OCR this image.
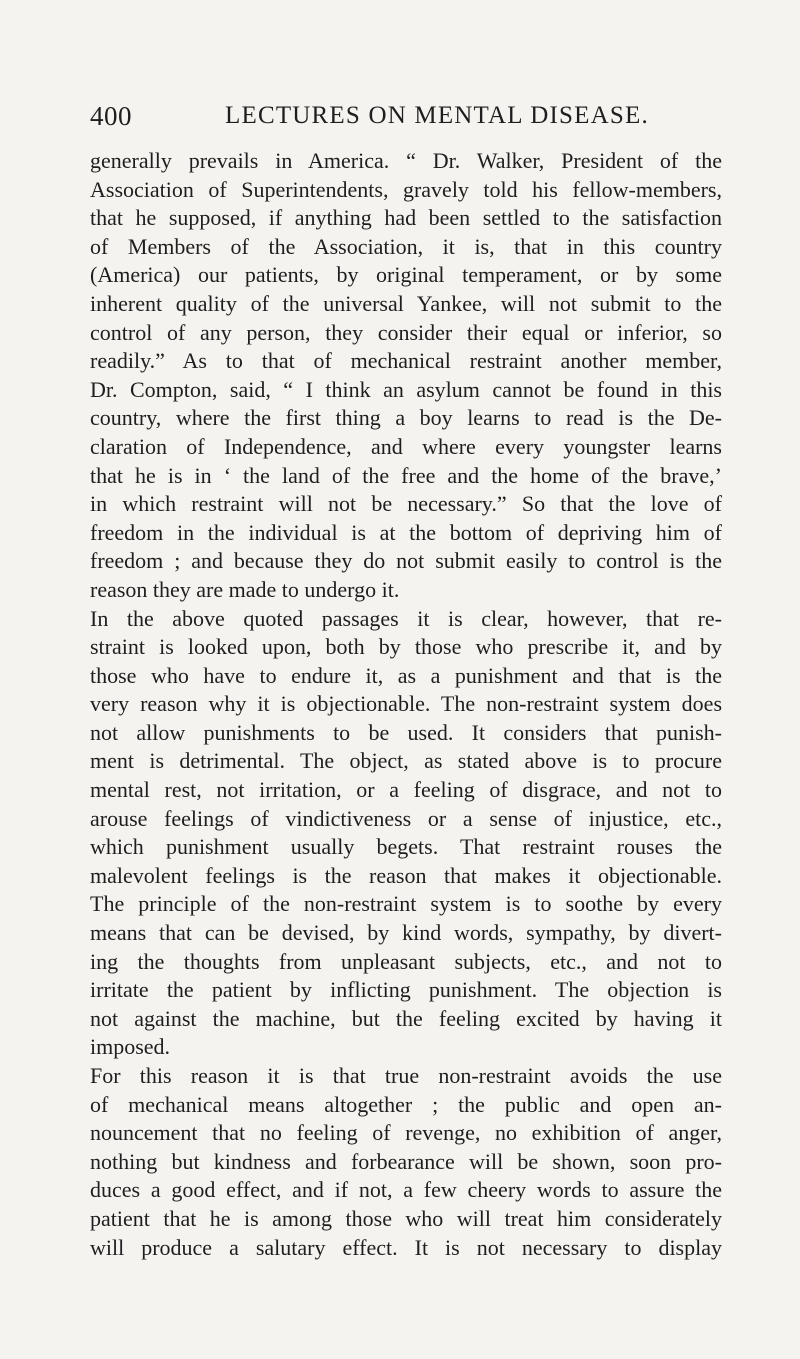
400	LECTURES ON MENTAL DISEASE.
generally prevails in America. “ Dr. Walker, President of the
Association of Superintendents, gravely told his fellow-members,
that he supposed, if anything had been settled to the satisfaction
of Members of the Association, it is, that in this country
(America) our patients, by original temperament, or by some
inherent quality of the universal Yankee, will not submit to the
control of any person, they consider their equal or inferior, so
readily.” As to that of mechanical restraint another member,
Dr. Compton, said, “ I think an asylum cannot be found in this
country, where the first thing a boy learns to read is the De-
claration of Independence, and where every youngster learns
that he is in ‘ the land of the free and the home of the brave,’
in which restraint will not be necessary.” So that the love of
freedom in the individual is at the bottom of depriving him of
freedom ; and because they do not submit easily to control is the
reason they are made to undergo it.
In the above quoted passages it is clear, however, that re-
straint is looked upon, both by those who prescribe it, and by
those who have to endure it, as a punishment and that is the
very reason why it is objectionable. The non-restraint system does
not allow punishments to be used. It considers that punish-
ment is detrimental. The object, as stated above is to procure
mental rest, not irritation, or a feeling of disgrace, and not to
arouse feelings of vindictiveness or a sense of injustice, etc.,
which punishment usually begets. That restraint rouses the
malevolent feelings is the reason that makes it objectionable.
The principle of the non-restraint system is to soothe by every
means that can be devised, by kind words, sympathy, by divert-
ing the thoughts from unpleasant subjects, etc., and not to
irritate the patient by inflicting punishment. The objection is
not against the machine, but the feeling excited by having it
imposed.
For this reason it is that true non-restraint avoids the use
of mechanical means altogether ; the public and open an-
nouncement that no feeling of revenge, no exhibition of anger,
nothing but kindness and forbearance will be shown, soon pro-
duces a good effect, and if not, a few cheery words to assure the
patient that he is among those who will treat him considerately
will produce a salutary effect. It is not necessary to display
